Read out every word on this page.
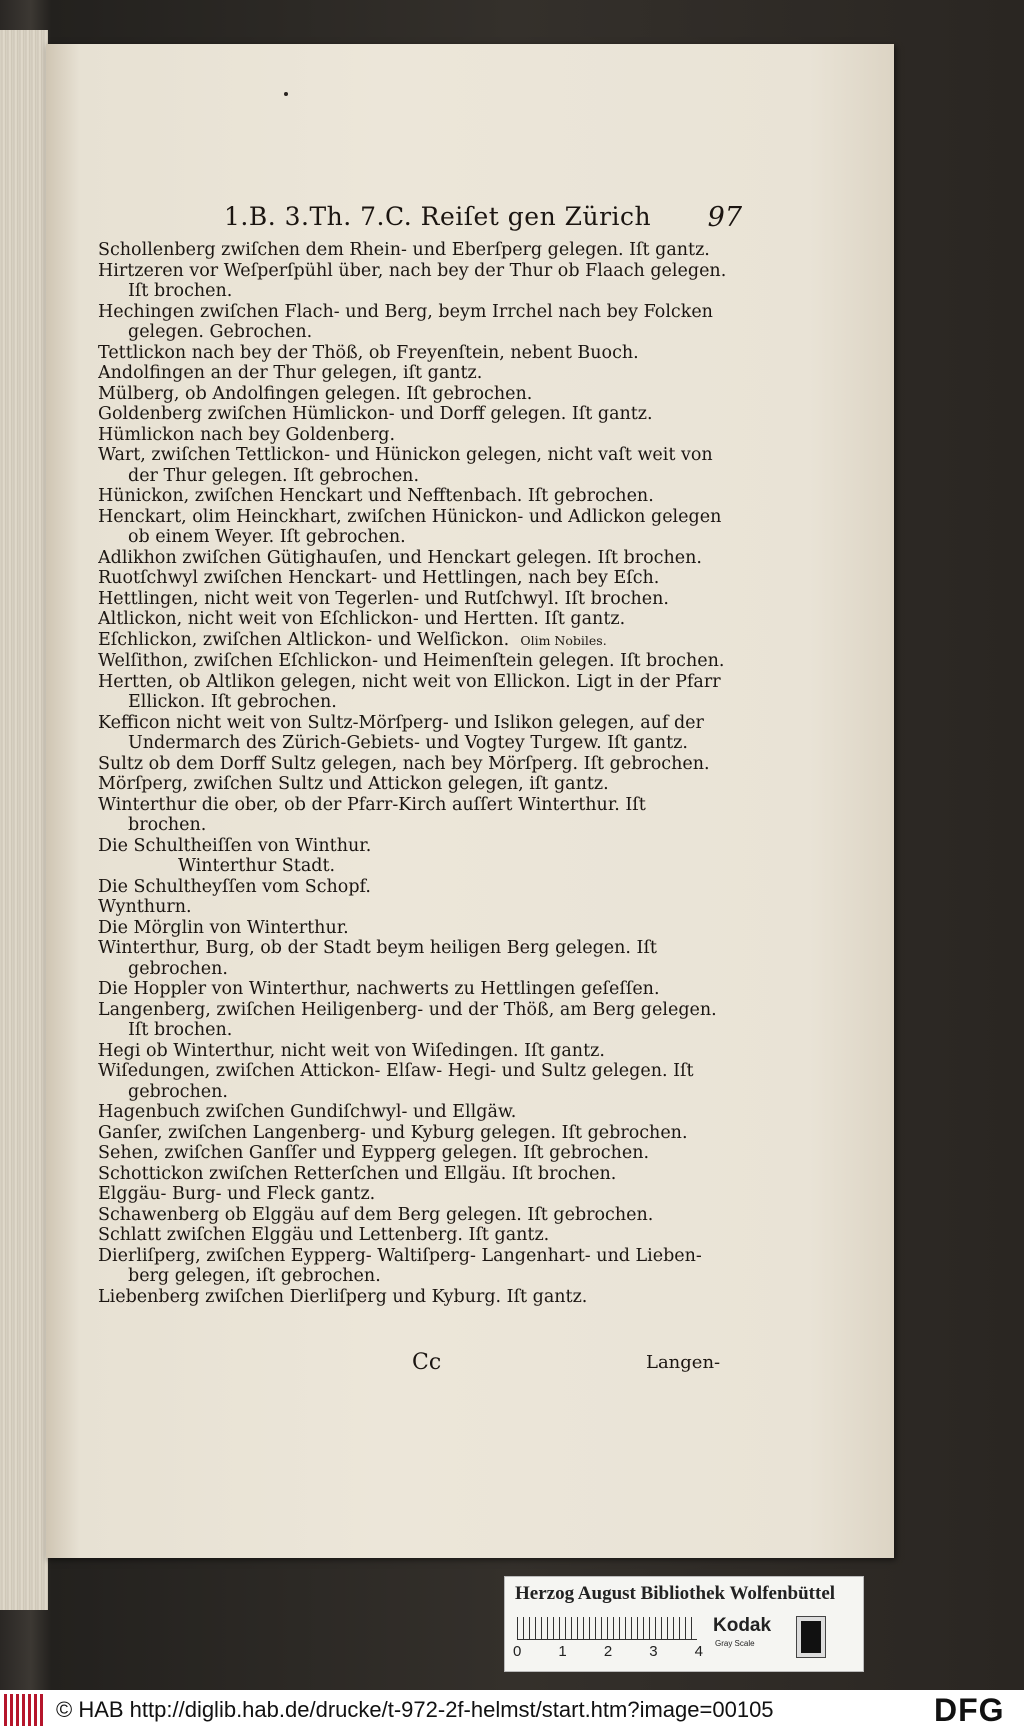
1.B. 3.Th. 7.C. Reiſet gen Zürich 97
Schollenberg zwiſchen dem Rhein- und Eberſperg gelegen. Iſt gantz.
Hirtzeren vor Weſperſpühl über, nach bey der Thur ob Flaach gelegen.
Iſt brochen.
Hechingen zwiſchen Flach- und Berg, beym Irrchel nach bey Folcken
gelegen. Gebrochen.
Tettlickon nach bey der Thöß, ob Freyenſtein, nebent Buoch.
Andolfingen an der Thur gelegen, iſt gantz.
Mülberg, ob Andolfingen gelegen. Iſt gebrochen.
Goldenberg zwiſchen Hümlickon- und Dorff gelegen. Iſt gantz.
Hümlickon nach bey Goldenberg.
Wart, zwiſchen Tettlickon- und Hünickon gelegen, nicht vaſt weit von
der Thur gelegen. Iſt gebrochen.
Hünickon, zwiſchen Henckart und Nefftenbach. Iſt gebrochen.
Henckart, olim Heinckhart, zwiſchen Hünickon- und Adlickon gelegen
ob einem Weyer. Iſt gebrochen.
Adlikhon zwiſchen Gütighauſen, und Henckart gelegen. Iſt brochen.
Ruotſchwyl zwiſchen Henckart- und Hettlingen, nach bey Eſch.
Hettlingen, nicht weit von Tegerlen- und Rutſchwyl. Iſt brochen.
Altlickon, nicht weit von Eſchlickon- und Hertten. Iſt gantz.
Eſchlickon, zwiſchen Altlickon- und Welſickon. Olim Nobiles.
Welſithon, zwiſchen Eſchlickon- und Heimenſtein gelegen. Iſt brochen.
Hertten, ob Altlikon gelegen, nicht weit von Ellickon. Ligt in der Pfarr
Ellickon. Iſt gebrochen.
Kefficon nicht weit von Sultz-Mörſperg- und Islikon gelegen, auf der
Undermarch des Zürich-Gebiets- und Vogtey Turgew. Iſt gantz.
Sultz ob dem Dorff Sultz gelegen, nach bey Mörſperg. Iſt gebrochen.
Mörſperg, zwiſchen Sultz und Attickon gelegen, iſt gantz.
Winterthur die ober, ob der Pfarr-Kirch auſſert Winterthur. Iſt
brochen.
Die Schultheiſſen von Winthur.
Winterthur Stadt.
Die Schultheyſſen vom Schopf.
Wynthurn.
Die Mörglin von Winterthur.
Winterthur, Burg, ob der Stadt beym heiligen Berg gelegen. Iſt
gebrochen.
Die Hoppler von Winterthur, nachwerts zu Hettlingen geſeſſen.
Langenberg, zwiſchen Heiligenberg- und der Thöß, am Berg gelegen.
Iſt brochen.
Hegi ob Winterthur, nicht weit von Wiſedingen. Iſt gantz.
Wiſedungen, zwiſchen Attickon- Elſaw- Hegi- und Sultz gelegen. Iſt
gebrochen.
Hagenbuch zwiſchen Gundiſchwyl- und Ellgäw.
Ganſer, zwiſchen Langenberg- und Kyburg gelegen. Iſt gebrochen.
Sehen, zwiſchen Ganſſer und Eypperg gelegen. Iſt gebrochen.
Schottickon zwiſchen Retterſchen und Ellgäu. Iſt brochen.
Elggäu- Burg- und Fleck gantz.
Schawenberg ob Elggäu auf dem Berg gelegen. Iſt gebrochen.
Schlatt zwiſchen Elggäu und Lettenberg. Iſt gantz.
Dierliſperg, zwiſchen Eypperg- Waltiſperg- Langenhart- und Lieben-
berg gelegen, iſt gebrochen.
Liebenberg zwiſchen Dierliſperg und Kyburg. Iſt gantz.
Cc	Langen-
Herzog August Bibliothek Wolfenbüttel
0 1 2 3 4
Kodak
Gray Scale
© HAB http://diglib.hab.de/drucke/t-972-2f-helmst/start.htm?image=00105	DFG
